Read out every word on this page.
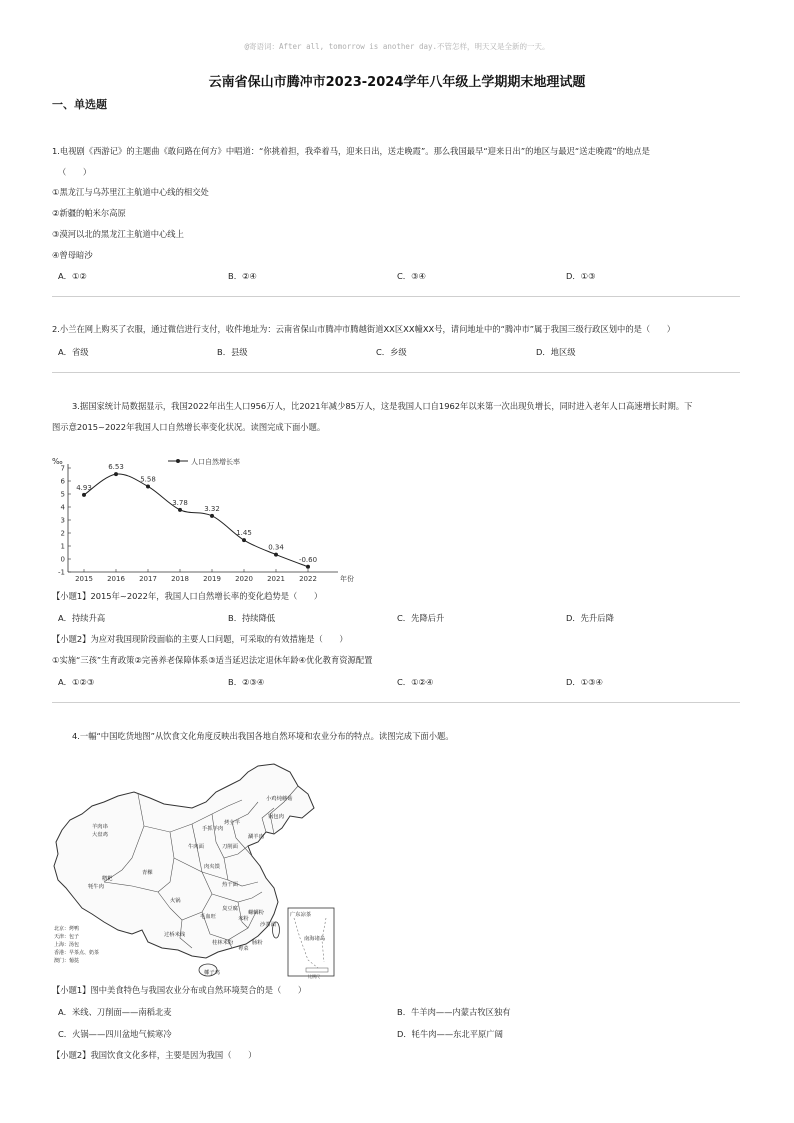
@寄语词：After all, tomorrow is another day.不管怎样，明天又是全新的一天。
云南省保山市腾冲市2023-2024学年八年级上学期期末地理试题
一、单选题
1.电视剧《西游记》的主题曲《敢问路在何方》中唱道：“你挑着担，我牵着马，迎来日出，送走晚霞”。那么我国最早“迎来日出”的地区与最迟“送走晚霞”的地点是
（　　）
①黑龙江与乌苏里江主航道中心线的相交处
②新疆的帕米尔高原
③漠河以北的黑龙江主航道中心线上
④曾母暗沙
A．①②	B．②④	C．③④	D．①③
2.小兰在网上购买了衣服，通过微信进行支付，收件地址为：云南省保山市腾冲市腾越街道XX区XX幢XX号，请问地址中的“腾冲市”属于我国三级行政区划中的是（　　）
A．省级	B．县级	C．乡级	D．地区级
3.据国家统计局数据显示，我国2022年出生人口956万人，比2021年减少85万人，这是我国人口自1962年以来第一次出现负增长，同时进入老年人口高速增长时期。下
图示意2015~2022年我国人口自然增长率变化状况。读图完成下面小题。
‰
年份
7
6
5
4
3
2
1
0
-1
2015 2016 2017 2018 2019 2020 2021 2022
4.93
6.53
5.58
3.78
3.32
1.45
0.34
-0.60
人口自然增长率
【小题1】2015年~2022年，我国人口自然增长率的变化趋势是（　　）
A．持续升高	B．持续降低	C．先降后升	D．先升后降
【小题2】为应对我国现阶段面临的主要人口问题，可采取的有效措施是（　　）
①实施“三孩”生育政策②完善养老保障体系③适当延迟法定退休年龄④优化教育资源配置
A．①②③	B．②③④	C．①②④	D．①③④
4.一幅“中国吃货地图”从饮食文化角度反映出我国各地自然环境和农业分布的特点。读图完成下面小题。
小鸡炖蘑菇
锅包肉
羊肉串
大盘鸡
手抓羊肉
烤全羊
涮羊肉
牛肉面	刀削面
肉夹馍
青稞
糌粑
牦牛肉
火锅
热干面
臭豆腐
米粉
过桥米线
螺蛳粉
肠粉
椰子鸡
广东凉茶
桂林米粉
沙茶面
毛血旺
粤菜
南海诸岛
比例尺
北京：烤鸭
天津：包子
上海：汤包
香港：早茶点、奶茶
澳门：葡挞
【小题1】图中美食特色与我国农业分布或自然环境契合的是（　　）
A．米线、刀削面——南稻北麦	B．牛羊肉——内蒙古牧区独有
C．火锅——四川盆地气候寒冷	D．牦牛肉——东北平原广阔
【小题2】我国饮食文化多样，主要是因为我国（　　）
